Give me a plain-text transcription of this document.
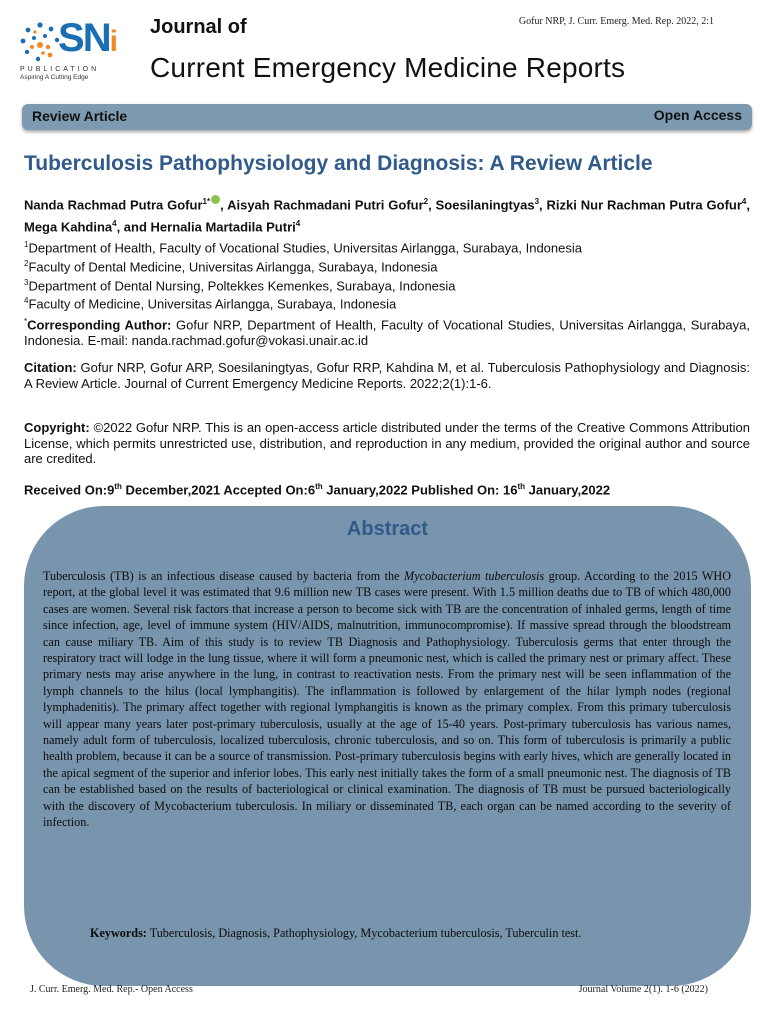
SNi
PUBLICATION
Aspiring A Cutting Edge
Journal of
Current Emergency Medicine Reports
Gofur NRP, J. Curr. Emerg. Med. Rep. 2022, 2:1
Review Article	Open Access
Tuberculosis Pathophysiology and Diagnosis: A Review Article
Nanda Rachmad Putra Gofur$^{1*}$ , Aisyah Rachmadani Putri Gofur$^2$, Soesilaningtyas$^3$, Rizki Nur Rachman Putra Gofur$^4$, Mega Kahdina$^4$, and Hernalia Martadila Putri$^4$
$^1$Department of Health, Faculty of Vocational Studies, Universitas Airlangga, Surabaya, Indonesia
$^2$Faculty of Dental Medicine, Universitas Airlangga, Surabaya, Indonesia
$^3$Department of Dental Nursing, Poltekkes Kemenkes, Surabaya, Indonesia
$^4$Faculty of Medicine, Universitas Airlangga, Surabaya, Indonesia
*Corresponding Author: Gofur NRP, Department of Health, Faculty of Vocational Studies, Universitas Airlangga, Surabaya, Indonesia. E-mail: nanda.rachmad.gofur@vokasi.unair.ac.id
Citation: Gofur NRP, Gofur ARP, Soesilaningtyas, Gofur RRP, Kahdina M, et al. Tuberculosis Pathophysiology and Diagnosis: A Review Article. Journal of Current Emergency Medicine Reports. 2022;2(1):1-6.
Copyright: ©2022 Gofur NRP. This is an open-access article distributed under the terms of the Creative Commons Attribution License, which permits unrestricted use, distribution, and reproduction in any medium, provided the original author and source are credited.
Received On:9th December,2021 Accepted On:6th January,2022 Published On: 16th January,2022
Abstract
Tuberculosis (TB) is an infectious disease caused by bacteria from the Mycobacterium tuberculosis group. According to the 2015 WHO report, at the global level it was estimated that 9.6 million new TB cases were present. With 1.5 million deaths due to TB of which 480,000 cases are women. Several risk factors that increase a person to become sick with TB are the concentration of inhaled germs, length of time since infection, age, level of immune system (HIV/AIDS, malnutrition, immunocompromise). If massive spread through the bloodstream can cause miliary TB. Aim of this study is to review TB Diagnosis and Pathophysiology. Tuberculosis germs that enter through the respiratory tract will lodge in the lung tissue, where it will form a pneumonic nest, which is called the primary nest or primary affect. These primary nests may arise anywhere in the lung, in contrast to reactivation nests. From the primary nest will be seen inflammation of the lymph channels to the hilus (local lymphangitis). The inflammation is followed by enlargement of the hilar lymph nodes (regional lymphadenitis). The primary affect together with regional lymphangitis is known as the primary complex. From this primary tuberculosis will appear many years later post-primary tuberculosis, usually at the age of 15-40 years. Post-primary tuberculosis has various names, namely adult form of tuberculosis, localized tuberculosis, chronic tuberculosis, and so on. This form of tuberculosis is primarily a public health problem, because it can be a source of transmission. Post-primary tuberculosis begins with early hives, which are generally located in the apical segment of the superior and inferior lobes. This early nest initially takes the form of a small pneumonic nest. The diagnosis of TB can be established based on the results of bacteriological or clinical examination. The diagnosis of TB must be pursued bacteriologically with the discovery of Mycobacterium tuberculosis. In miliary or disseminated TB, each organ can be named according to the severity of infection.
Keywords: Tuberculosis, Diagnosis, Pathophysiology, Mycobacterium tuberculosis, Tuberculin test.
J. Curr. Emerg. Med. Rep.- Open Access	Journal Volume 2(1). 1-6 (2022)
